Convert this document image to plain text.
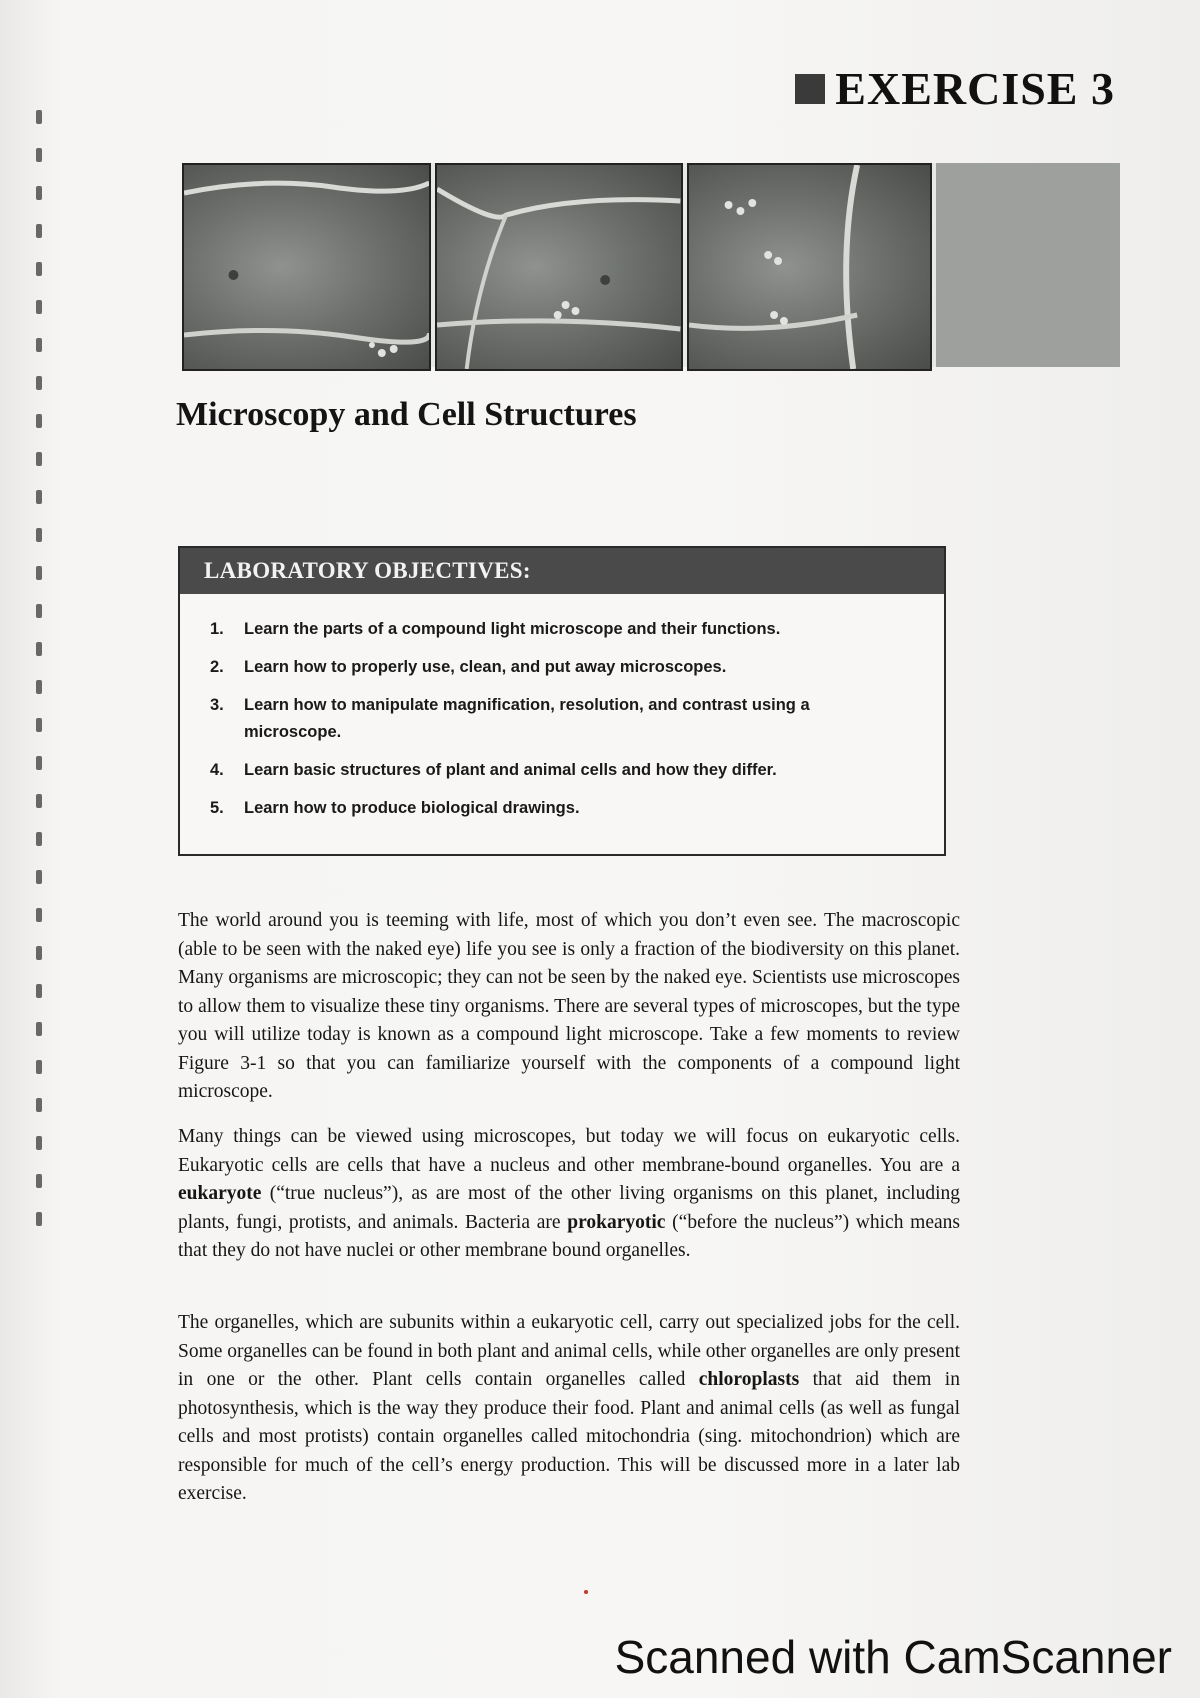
EXERCISE 3
Microscopy and Cell Structures
LABORATORY OBJECTIVES:
1.	Learn the parts of a compound light microscope and their functions.
2.	Learn how to properly use, clean, and put away microscopes.
3.	Learn how to manipulate magnification, resolution, and contrast using a microscope.
4.	Learn basic structures of plant and animal cells and how they differ.
5.	Learn how to produce biological drawings.

The world around you is teeming with life, most of which you don’t even see. The macroscopic (able to be seen with the naked eye) life you see is only a fraction of the biodiversity on this planet. Many organisms are microscopic; they can not be seen by the naked eye. Scientists use microscopes to allow them to visualize these tiny organisms. There are several types of microscopes, but the type you will utilize today is known as a compound light microscope. Take a few moments to review Figure 3-1 so that you can familiarize yourself with the components of a compound light microscope.

Many things can be viewed using microscopes, but today we will focus on eukaryotic cells. Eukaryotic cells are cells that have a nucleus and other membrane-bound organelles. You are a eukaryote (“true nucleus”), as are most of the other living organisms on this planet, including plants, fungi, protists, and animals. Bacteria are prokaryotic (“before the nucleus”) which means that they do not have nuclei or other membrane bound organelles.

The organelles, which are subunits within a eukaryotic cell, carry out specialized jobs for the cell. Some organelles can be found in both plant and animal cells, while other organelles are only present in one or the other. Plant cells contain organelles called chloroplasts that aid them in photosynthesis, which is the way they produce their food. Plant and animal cells (as well as fungal cells and most protists) contain organelles called mitochondria (sing. mitochondrion) which are responsible for much of the cell’s energy production. This will be discussed more in a later lab exercise.

Scanned with CamScanner
